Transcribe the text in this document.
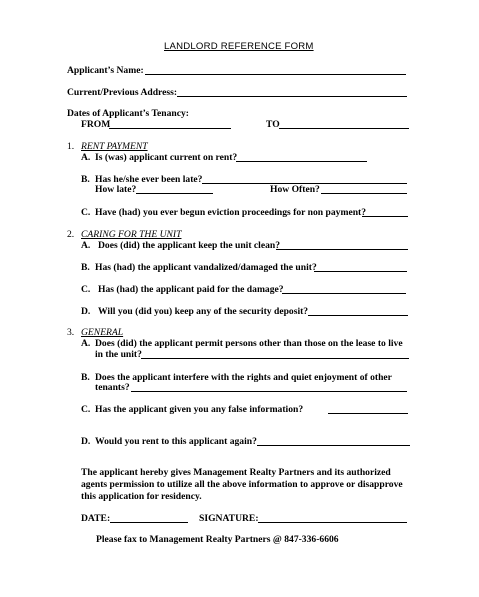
LANDLORD REFERENCE FORM
Applicant’s Name:
Current/Previous Address:
Dates of Applicant’s Tenancy:
FROM	TO
1. RENT PAYMENT
A. Is (was) applicant current on rent?
B. Has he/she ever been late?
How late?	How Often?
C. Have (had) you ever begun eviction proceedings for non payment?
2. CARING FOR THE UNIT
A. Does (did) the applicant keep the unit clean?
B. Has (had) the applicant vandalized/damaged the unit?
C. Has (had) the applicant paid for the damage?
D. Will you (did you) keep any of the security deposit?
3. GENERAL
A. Does (did) the applicant permit persons other than those on the lease to live
in the unit?
B. Does the applicant interfere with the rights and quiet enjoyment of other
tenants?
C. Has the applicant given you any false information?
D. Would you rent to this applicant again?
The applicant hereby gives Management Realty Partners and its authorized
agents permission to utilize all the above information to approve or disapprove
this application for residency.
DATE:	SIGNATURE:
Please fax to Management Realty Partners @ 847-336-6606
